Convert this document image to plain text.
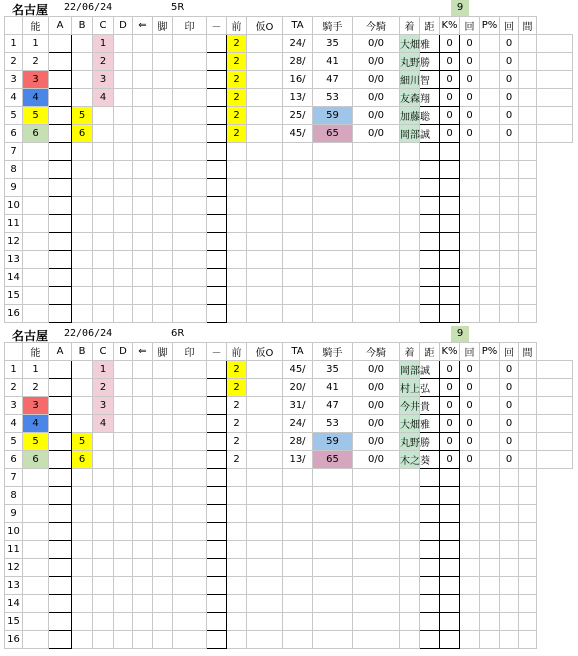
名古屋 22/06/24	5R	9
	能	A	B	C	D	⇐	脚	印	－	前	仮O	TA	騎手	今騎	着	距	K%	回	P%	回	間	
1	1			1						2		24/	35	0/0	大畑雅		0	0		0		
2	2			2						2		28/	41	0/0	丸野勝		0	0		0		
3	3			3						2		16/	47	0/0	細川智		0	0		0		
4	4			4						2		13/	53	0/0	友森翔		0	0		0		
5	5		5							2		25/	59	0/0	加藤聡		0	0		0		
6	6		6							2		45/	65	0/0	岡部誠		0	0		0		
7																						
8																						
9																						
10																						
11																						
12																						
13																						
14																						
15																						
16																						
名古屋 22/06/24	6R	9
	能	A	B	C	D	⇐	脚	印	－	前	仮O	TA	騎手	今騎	着	距	K%	回	P%	回	間	
1	1			1						2		45/	35	0/0	岡部誠		0	0		0		
2	2			2						2		20/	41	0/0	村上弘		0	0		0		
3	3			3						2		31/	47	0/0	今井貴		0	0		0		
4	4			4						2		24/	53	0/0	大畑雅		0	0		0		
5	5		5							2		28/	59	0/0	丸野勝		0	0		0		
6	6		6							2		13/	65	0/0	木之葵		0	0		0		
7																						
8																						
9																						
10																						
11																						
12																						
13																						
14																						
15																						
16																						
